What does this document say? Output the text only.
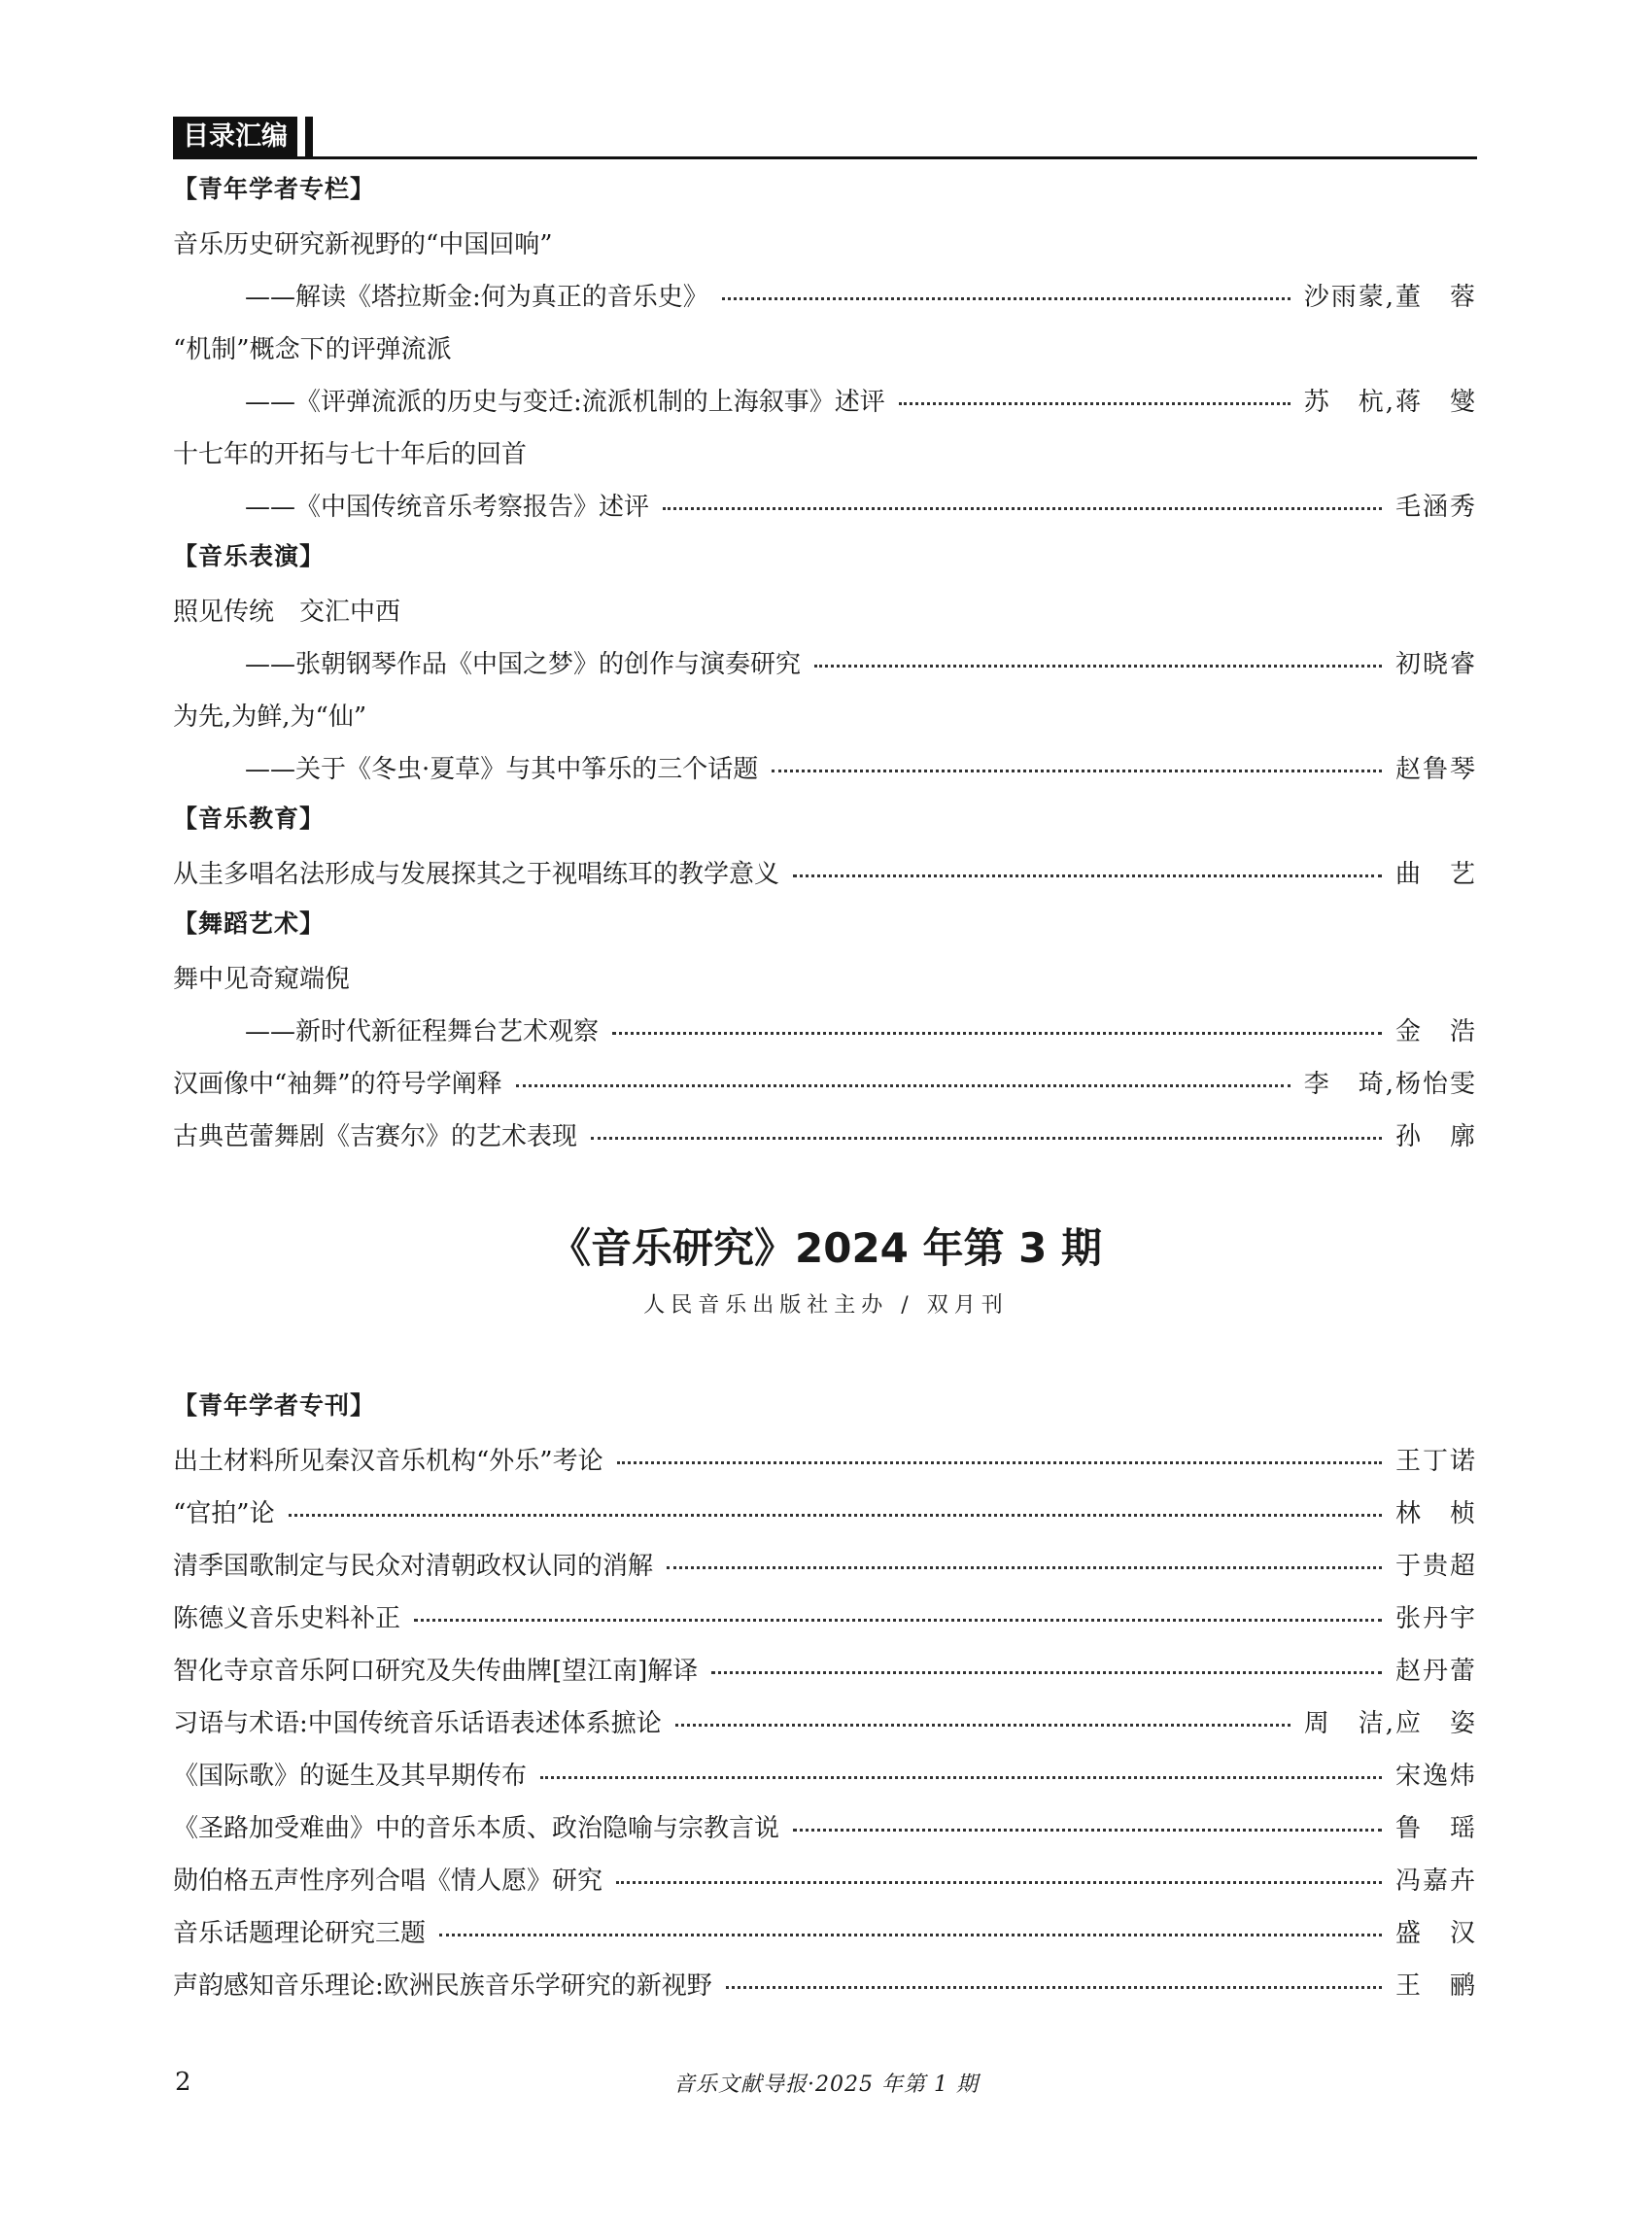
目录汇编
【青年学者专栏】
音乐历史研究新视野的“中国回响”
——解读《塔拉斯金:何为真正的音乐史》	沙雨蒙,董　蓉
“机制”概念下的评弹流派
——《评弹流派的历史与变迁:流派机制的上海叙事》述评	苏　杭,蒋　燮
十七年的开拓与七十年后的回首
——《中国传统音乐考察报告》述评	毛涵秀
【音乐表演】
照见传统　交汇中西
——张朝钢琴作品《中国之梦》的创作与演奏研究	初晓睿
为先,为鲜,为“仙”
——关于《冬虫·夏草》与其中筝乐的三个话题	赵鲁琴
【音乐教育】
从圭多唱名法形成与发展探其之于视唱练耳的教学意义	曲　艺
【舞蹈艺术】
舞中见奇窥端倪
——新时代新征程舞台艺术观察	金　浩
汉画像中“袖舞”的符号学阐释	李　琦,杨怡雯
古典芭蕾舞剧《吉赛尔》的艺术表现	孙　廓
《音乐研究》2024 年第 3 期
人民音乐出版社主办 / 双月刊
【青年学者专刊】
出土材料所见秦汉音乐机构“外乐”考论	王丁诺
“官拍”论	林　桢
清季国歌制定与民众对清朝政权认同的消解	于贵超
陈德义音乐史料补正	张丹宇
智化寺京音乐阿口研究及失传曲牌[望江南]解译	赵丹蕾
习语与术语:中国传统音乐话语表述体系摭论	周　洁,应　姿
《国际歌》的诞生及其早期传布	宋逸炜
《圣路加受难曲》中的音乐本质、政治隐喻与宗教言说	鲁　瑶
勋伯格五声性序列合唱《情人愿》研究	冯嘉卉
音乐话题理论研究三题	盛　汉
声韵感知音乐理论:欧洲民族音乐学研究的新视野	王　鹂
2	音乐文献导报·2025 年第 1 期
